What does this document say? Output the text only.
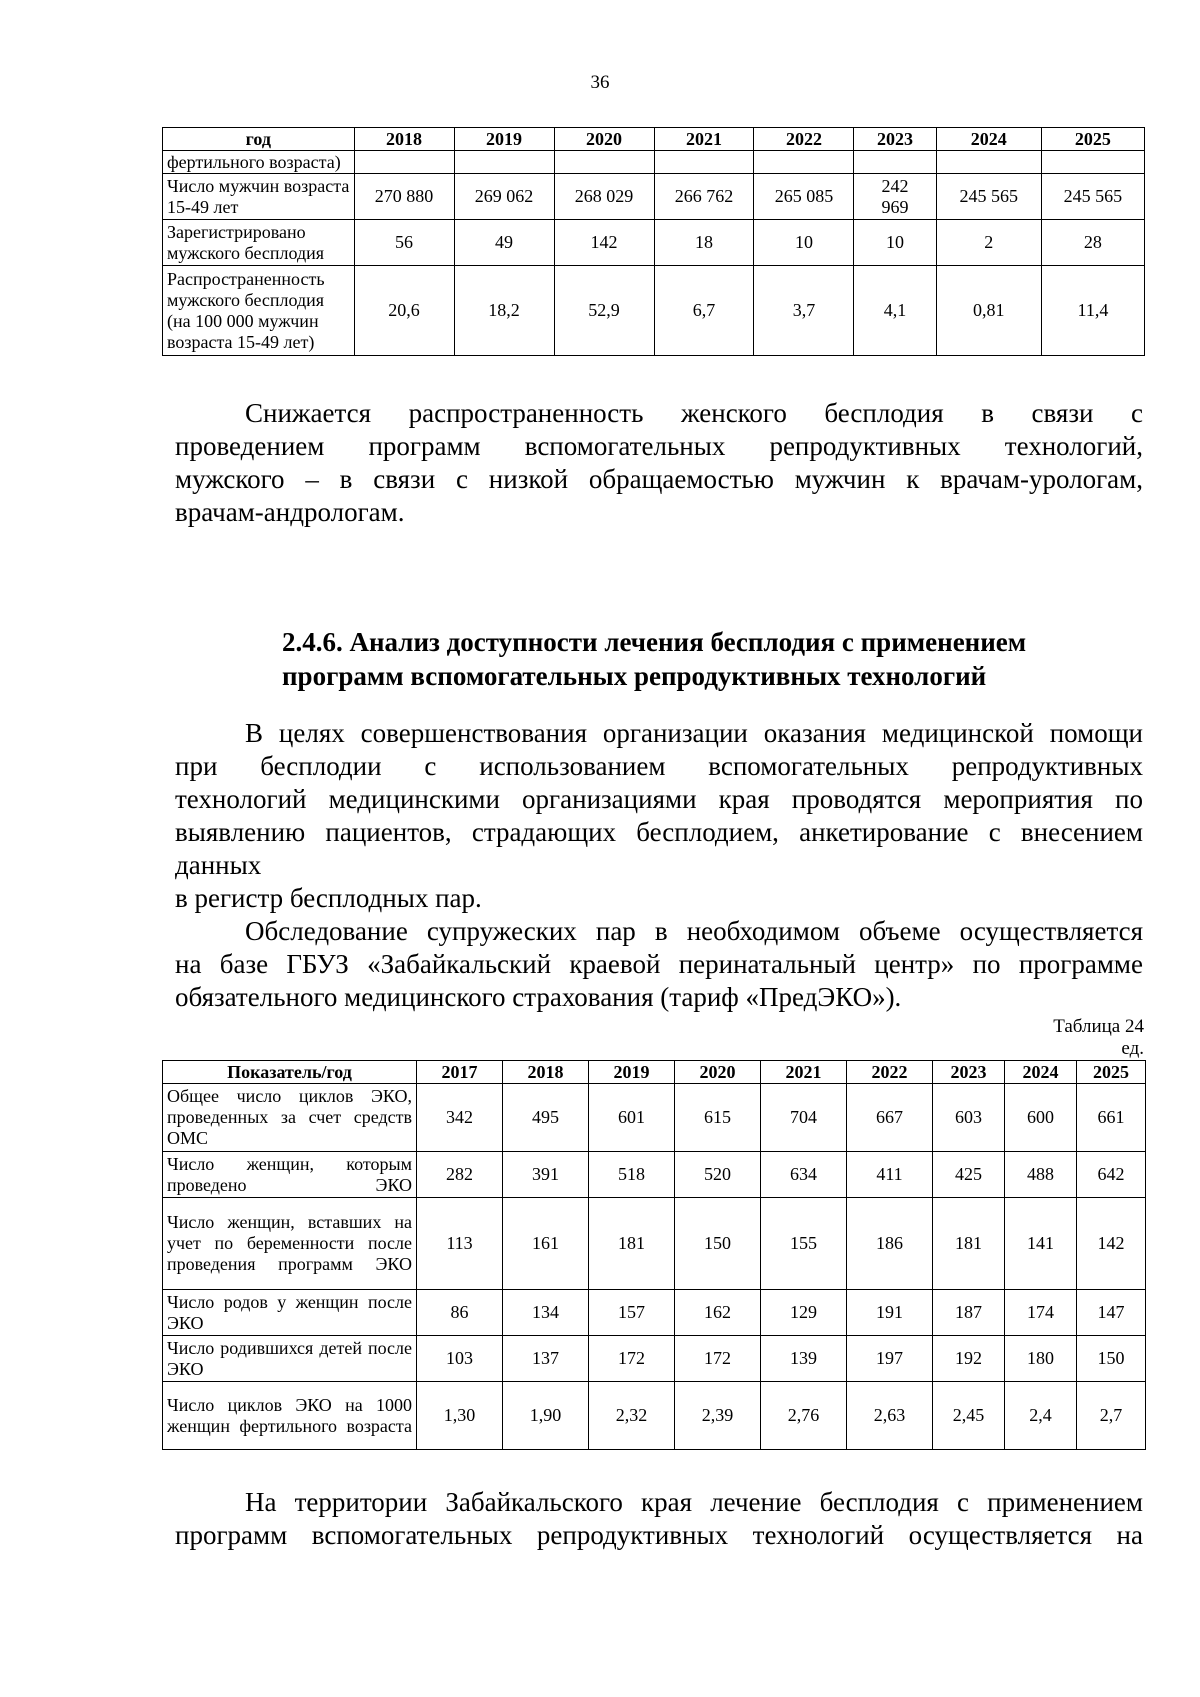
36
год	2018	2019	2020	2021	2022	2023	2024	2025
фертильного возраста)								
Число мужчин возраста 15-49 лет	270 880	269 062	268 029	266 762	265 085	242 969	245 565	245 565
Зарегистрировано мужского бесплодия	56	49	142	18	10	10	2	28
Распространенность мужского бесплодия (на 100 000 мужчин возраста 15-49 лет)	20,6	18,2	52,9	6,7	3,7	4,1	0,81	11,4

Снижается распространенность женского бесплодия в связи с
проведением программ вспомогательных репродуктивных технологий,
мужского – в связи с низкой обращаемостью мужчин к врачам-урологам,
врачам-андрологам.

2.4.6. Анализ доступности лечения бесплодия с применением
программ вспомогательных репродуктивных технологий

В целях совершенствования организации оказания медицинской помощи
при бесплодии с использованием вспомогательных репродуктивных
технологий медицинскими организациями края проводятся мероприятия по
выявлению пациентов, страдающих бесплодием, анкетирование с внесением
данных
в регистр бесплодных пар.

Обследование супружеских пар в необходимом объеме осуществляется
на базе ГБУЗ «Забайкальский краевой перинатальный центр» по программе
обязательного медицинского страхования (тариф «ПредЭКО»).

Таблица 24
ед.
Показатель/год	2017	2018	2019	2020	2021	2022	2023	2024	2025
Общее число циклов ЭКО, проведенных за счет средств ОМС	342	495	601	615	704	667	603	600	661
Число женщин, которым проведено ЭКО	282	391	518	520	634	411	425	488	642
Число женщин, вставших на учет по беременности после проведения программ ЭКО	113	161	181	150	155	186	181	141	142
Число родов у женщин после ЭКО	86	134	157	162	129	191	187	174	147
Число родившихся детей после ЭКО	103	137	172	172	139	197	192	180	150
Число циклов ЭКО на 1000 женщин фертильного возраста	1,30	1,90	2,32	2,39	2,76	2,63	2,45	2,4	2,7

На территории Забайкальского края лечение бесплодия с применением
программ вспомогательных репродуктивных технологий осуществляется на
